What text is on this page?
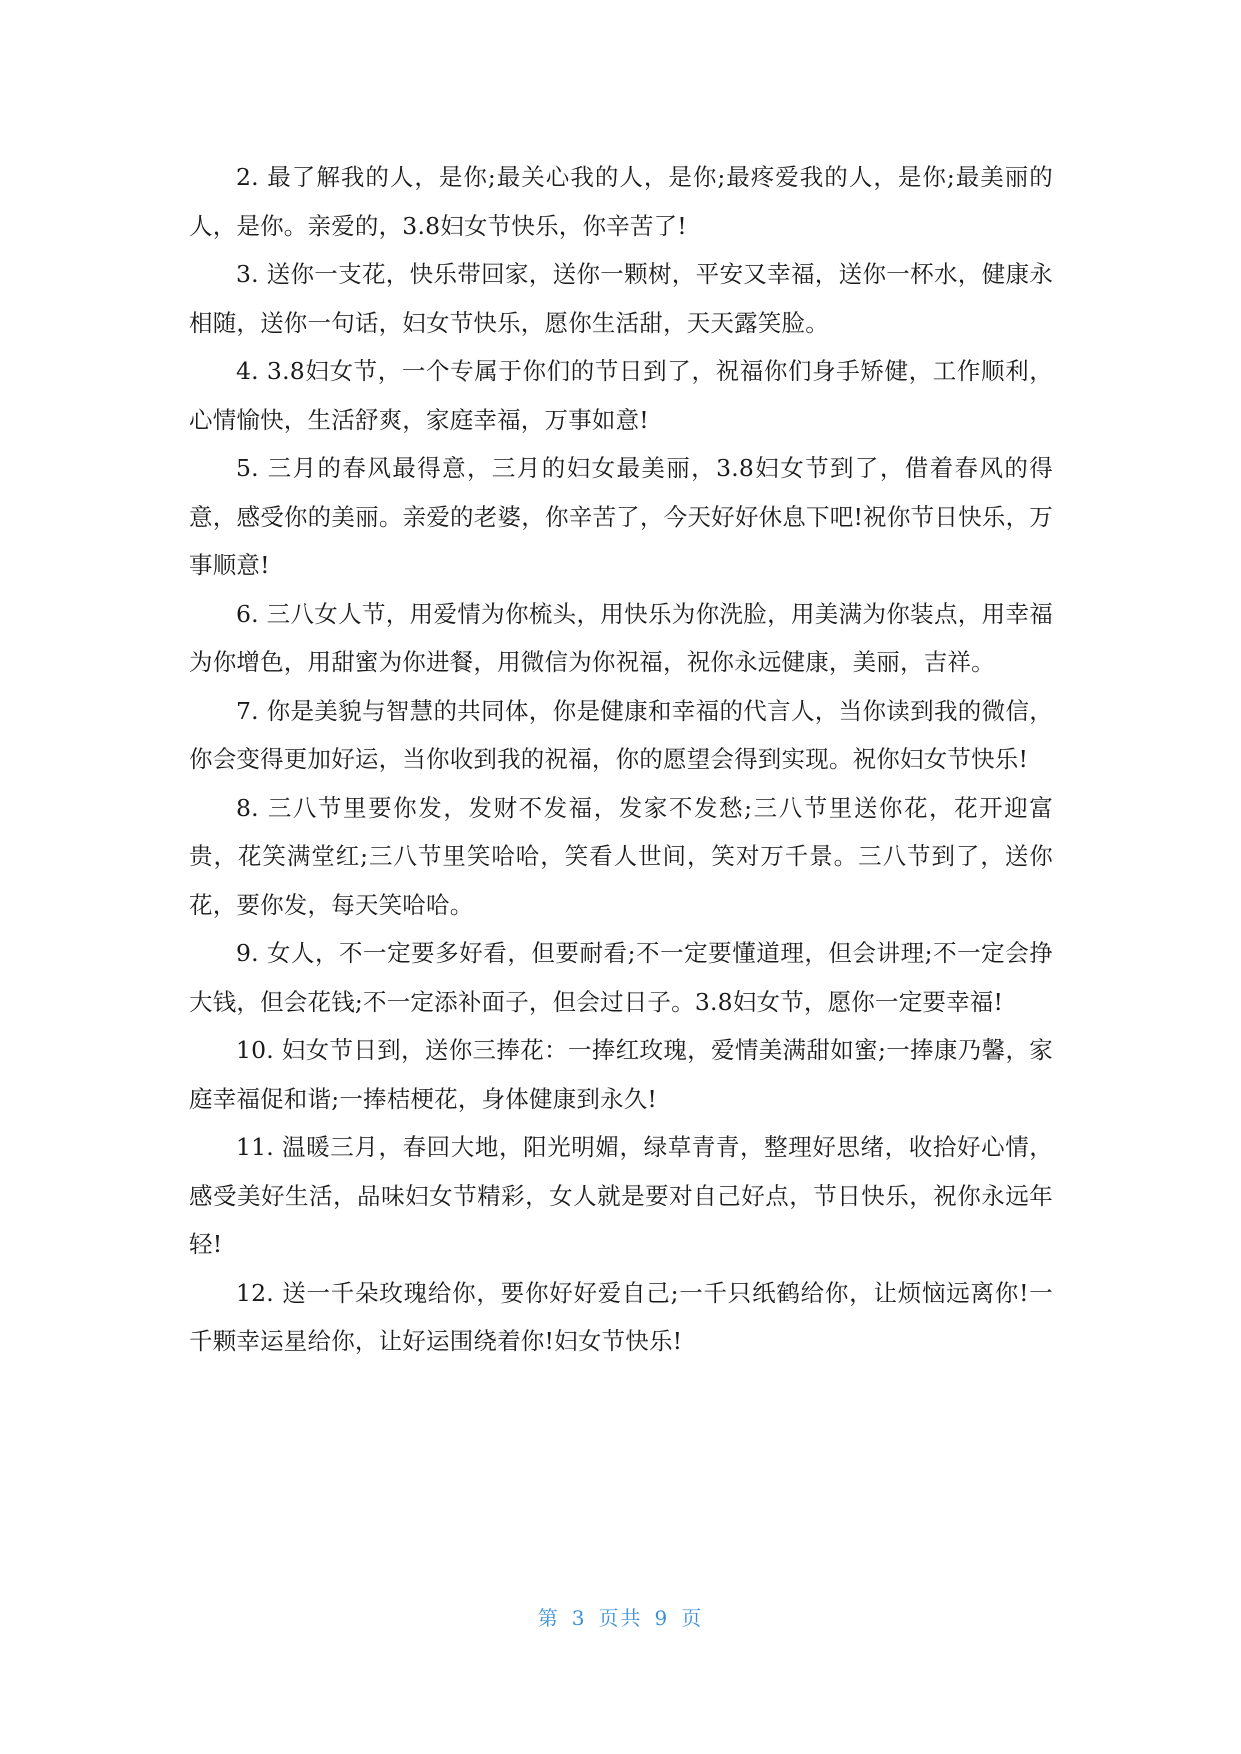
2. 最了解我的人，是你;最关心我的人，是你;最疼爱我的人，是你;最美丽的人，是你。亲爱的，3.8妇女节快乐，你辛苦了!

3. 送你一支花，快乐带回家，送你一颗树，平安又幸福，送你一杯水，健康永相随，送你一句话，妇女节快乐，愿你生活甜，天天露笑脸。

4. 3.8妇女节，一个专属于你们的节日到了，祝福你们身手矫健，工作顺利，心情愉快，生活舒爽，家庭幸福，万事如意!

5. 三月的春风最得意，三月的妇女最美丽，3.8妇女节到了，借着春风的得意，感受你的美丽。亲爱的老婆，你辛苦了，今天好好休息下吧!祝你节日快乐，万事顺意!

6. 三八女人节，用爱情为你梳头，用快乐为你洗脸，用美满为你装点，用幸福为你增色，用甜蜜为你进餐，用微信为你祝福，祝你永远健康，美丽，吉祥。

7. 你是美貌与智慧的共同体，你是健康和幸福的代言人，当你读到我的微信，你会变得更加好运，当你收到我的祝福，你的愿望会得到实现。祝你妇女节快乐!

8. 三八节里要你发，发财不发福，发家不发愁;三八节里送你花，花开迎富贵，花笑满堂红;三八节里笑哈哈，笑看人世间，笑对万千景。三八节到了，送你花，要你发，每天笑哈哈。

9. 女人，不一定要多好看，但要耐看;不一定要懂道理，但会讲理;不一定会挣大钱，但会花钱;不一定添补面子，但会过日子。3.8妇女节，愿你一定要幸福!

10. 妇女节日到，送你三捧花：一捧红玫瑰，爱情美满甜如蜜;一捧康乃馨，家庭幸福促和谐;一捧桔梗花，身体健康到永久!

11. 温暖三月，春回大地，阳光明媚，绿草青青，整理好思绪，收拾好心情，感受美好生活，品味妇女节精彩，女人就是要对自己好点，节日快乐，祝你永远年轻!

12. 送一千朵玫瑰给你，要你好好爱自己;一千只纸鹤给你，让烦恼远离你!一千颗幸运星给你，让好运围绕着你!妇女节快乐!

第 3 页共 9 页
